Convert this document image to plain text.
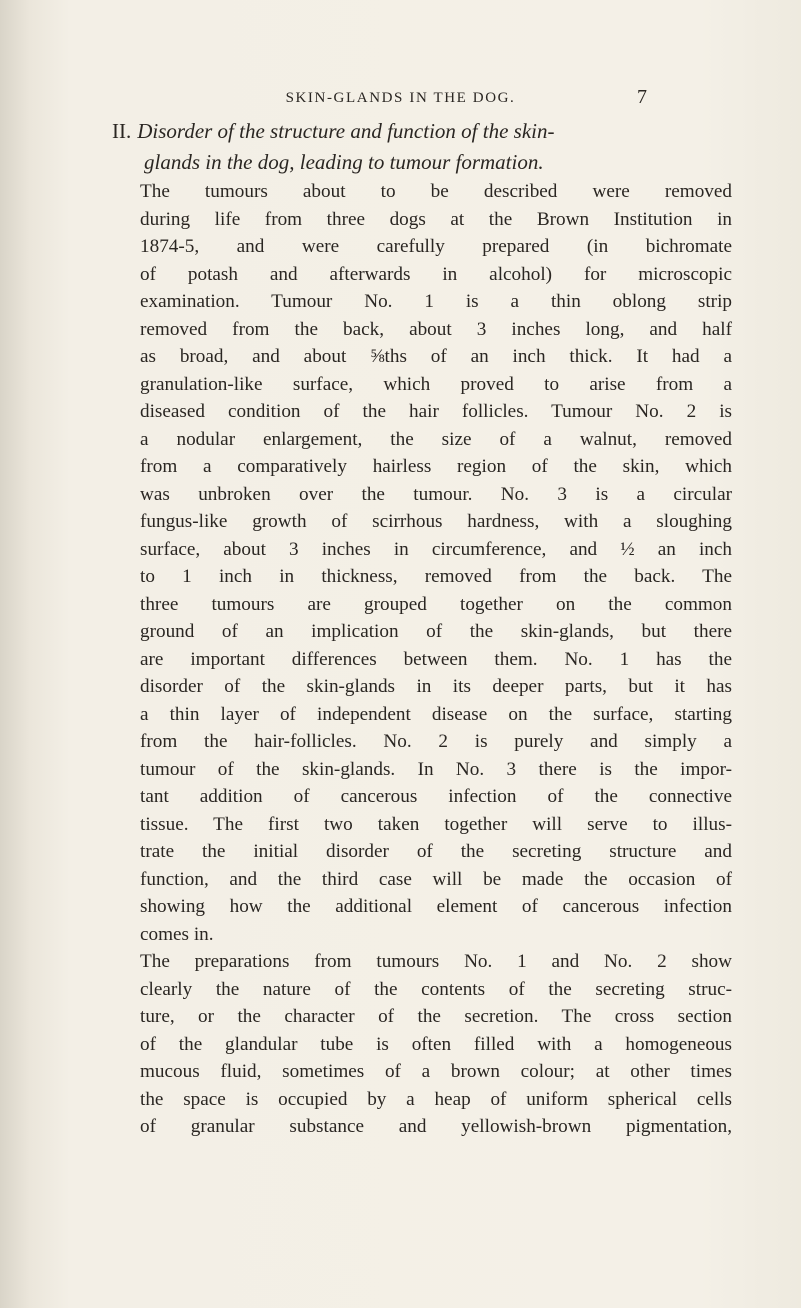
SKIN-GLANDS IN THE DOG.	7
II. Disorder of the structure and function of the skin-
glands in the dog, leading to tumour formation.

The tumours about to be described were removed
during life from three dogs at the Brown Institution in
1874-5, and were carefully prepared (in bichromate
of potash and afterwards in alcohol) for microscopic
examination. Tumour No. 1 is a thin oblong strip
removed from the back, about 3 inches long, and half
as broad, and about ⅝ths of an inch thick. It had a
granulation-like surface, which proved to arise from a
diseased condition of the hair follicles. Tumour No. 2 is
a nodular enlargement, the size of a walnut, removed
from a comparatively hairless region of the skin, which
was unbroken over the tumour. No. 3 is a circular
fungus-like growth of scirrhous hardness, with a sloughing
surface, about 3 inches in circumference, and ½ an inch
to 1 inch in thickness, removed from the back. The
three tumours are grouped together on the common
ground of an implication of the skin-glands, but there
are important differences between them. No. 1 has the
disorder of the skin-glands in its deeper parts, but it has
a thin layer of independent disease on the surface, starting
from the hair-follicles. No. 2 is purely and simply a
tumour of the skin-glands. In No. 3 there is the impor-
tant addition of cancerous infection of the connective
tissue. The first two taken together will serve to illus-
trate the initial disorder of the secreting structure and
function, and the third case will be made the occasion of
showing how the additional element of cancerous infection
comes in.

The preparations from tumours No. 1 and No. 2 show
clearly the nature of the contents of the secreting struc-
ture, or the character of the secretion. The cross section
of the glandular tube is often filled with a homogeneous
mucous fluid, sometimes of a brown colour; at other times
the space is occupied by a heap of uniform spherical cells
of granular substance and yellowish-brown pigmentation,
